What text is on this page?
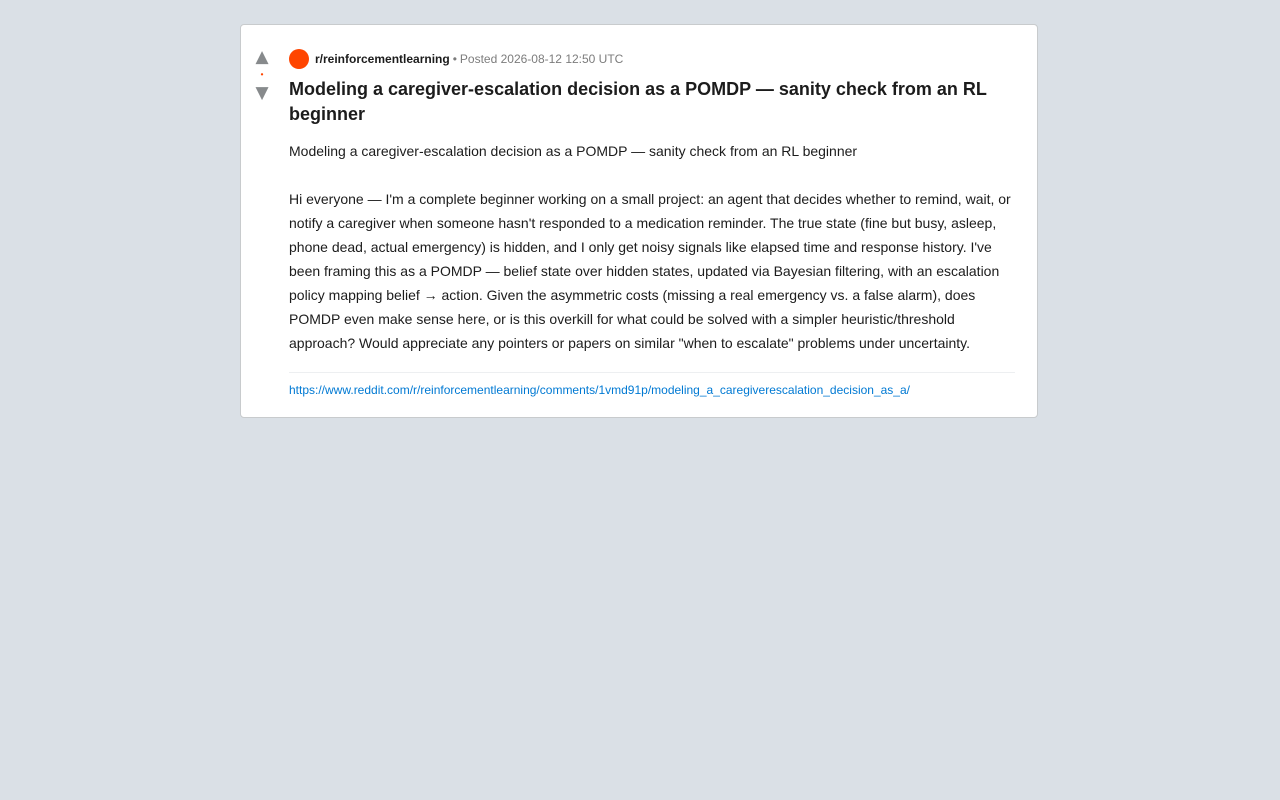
▲
•
▼
r/reinforcementlearning • Posted 2026-08-12 12:50 UTC
Modeling a caregiver-escalation decision as a POMDP — sanity check from an RL beginner

Modeling a caregiver-escalation decision as a POMDP — sanity check from an RL beginner

Hi everyone — I'm a complete beginner working on a small project: an agent that decides whether to remind, wait, or notify a caregiver when someone hasn't responded to a medication reminder. The true state (fine but busy, asleep, phone dead, actual emergency) is hidden, and I only get noisy signals like elapsed time and response history. I've been framing this as a POMDP — belief state over hidden states, updated via Bayesian filtering, with an escalation policy mapping belief → action. Given the asymmetric costs (missing a real emergency vs. a false alarm), does POMDP even make sense here, or is this overkill for what could be solved with a simpler heuristic/threshold approach? Would appreciate any pointers or papers on similar "when to escalate" problems under uncertainty.

https://www.reddit.com/r/reinforcementlearning/comments/1vmd91p/modeling_a_caregiverescalation_decision_as_a/
